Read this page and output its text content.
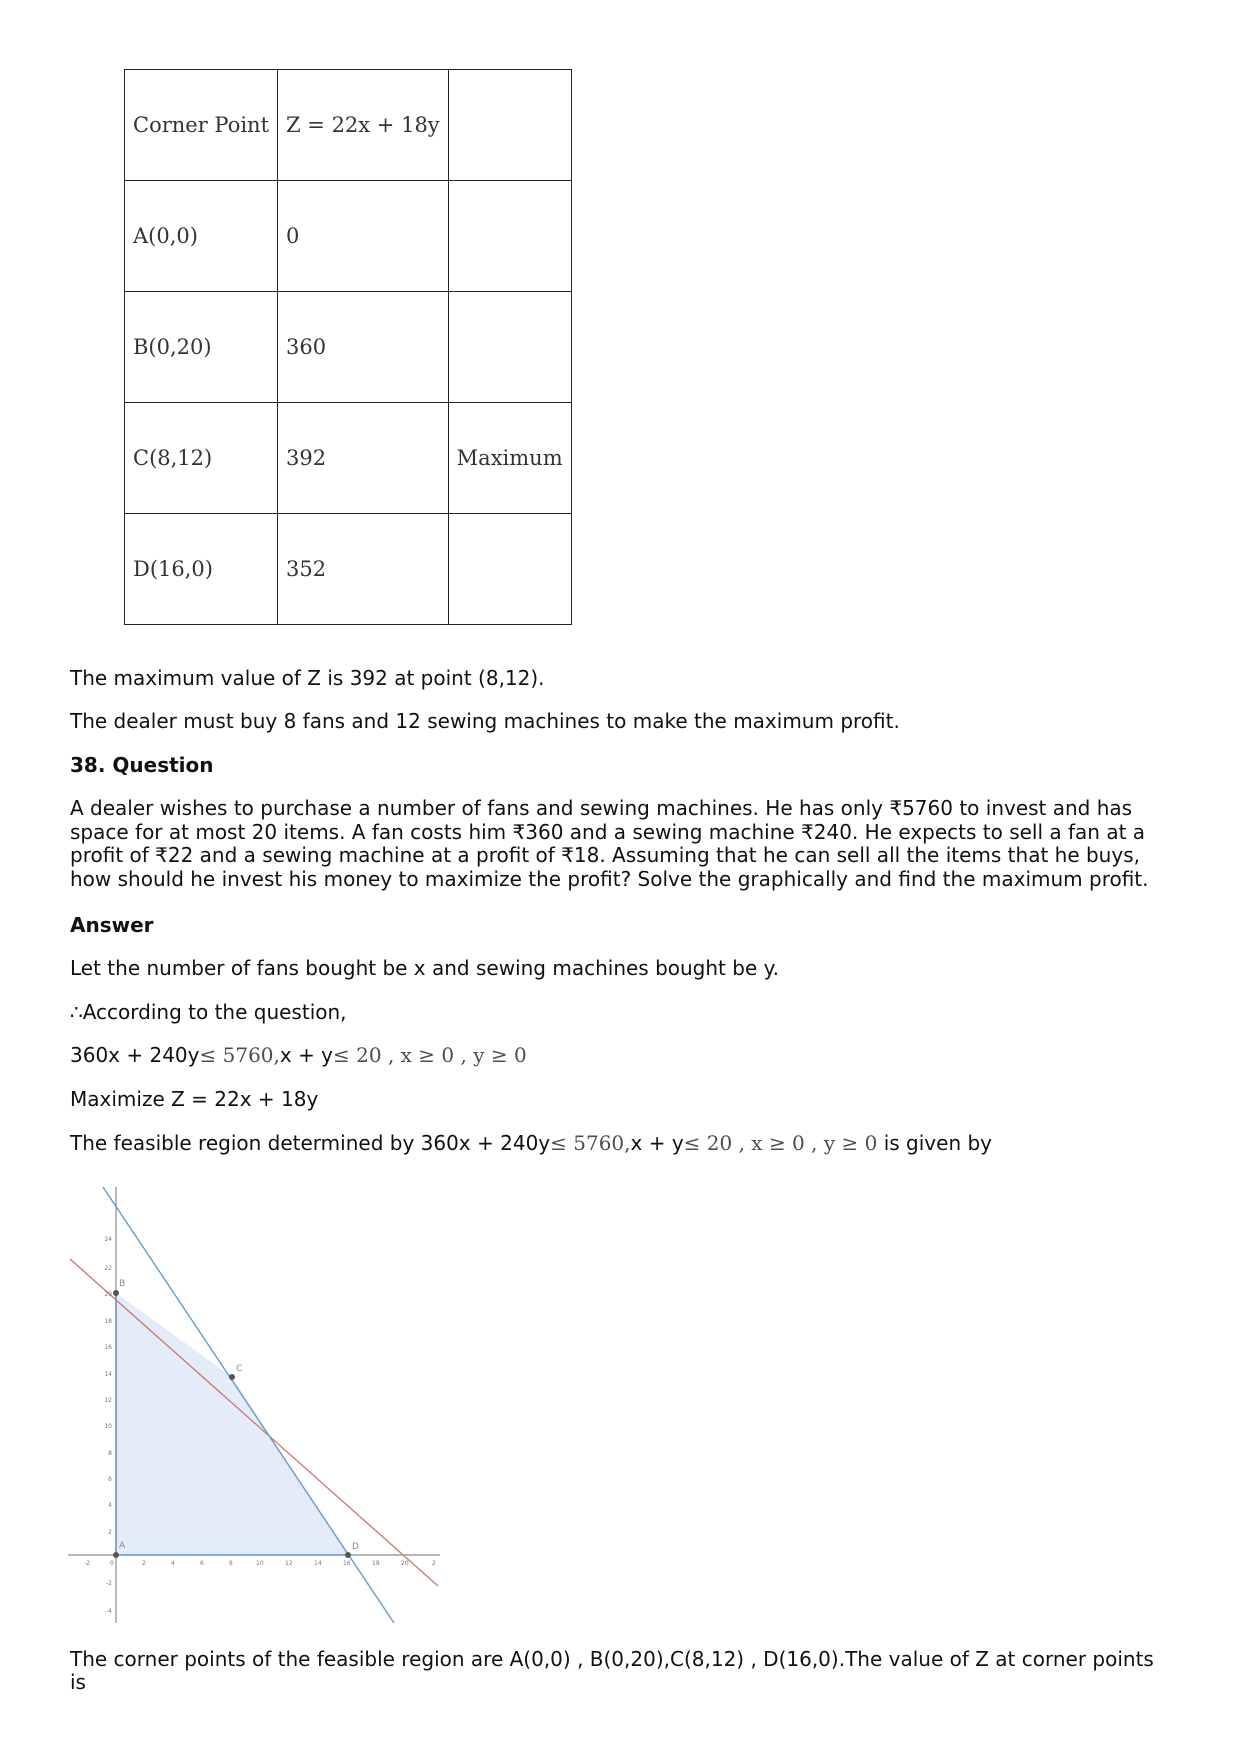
Corner Point	Z = 22x + 18y	
A(0,0)	0	
B(0,20)	360	
C(8,12)	392	Maximum
D(16,0)	352	
The maximum value of Z is 392 at point (8,12).
The dealer must buy 8 fans and 12 sewing machines to make the maximum profit.
38. Question
A dealer wishes to purchase a number of fans and sewing machines. He has only ₹5760 to invest and has space for at most 20 items. A fan costs him ₹360 and a sewing machine ₹240. He expects to sell a fan at a profit of ₹22 and a sewing machine at a profit of ₹18. Assuming that he can sell all the items that he buys, how should he invest his money to maximize the profit? Solve the graphically and find the maximum profit.
Answer
Let the number of fans bought be x and sewing machines bought be y.
∴According to the question,
360x + 240y≤ 5760,x + y≤ 20 , x ≥ 0 , y ≥ 0
Maximize Z = 22x + 18y
The feasible region determined by 360x + 240y≤ 5760,x + y≤ 20 , x ≥ 0 , y ≥ 0 is given by
-2	0	2	4	6	8	10	12	14	16	18	20	2
24
22
20
18
16
14
12
10
8
6
4
2
-2
-4
A
B
C
D
The corner points of the feasible region are A(0,0) , B(0,20),C(8,12) , D(16,0).The value of Z at corner points is
